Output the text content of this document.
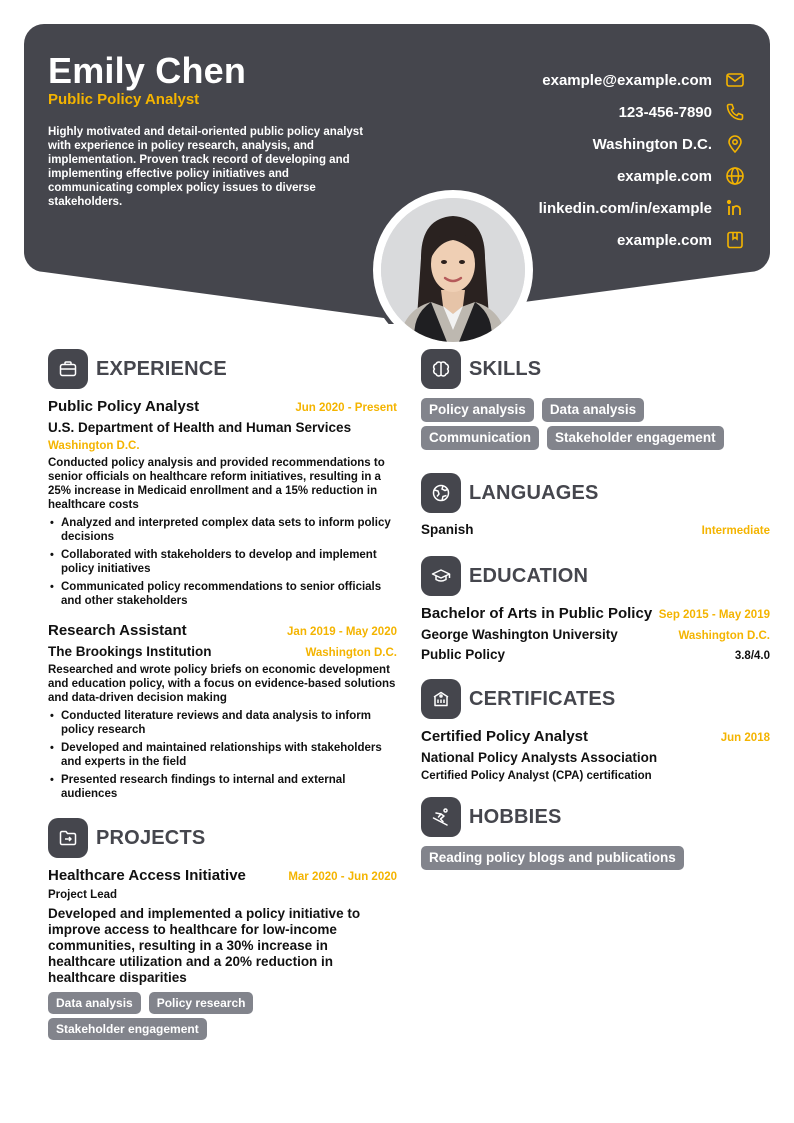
Emily Chen
Public Policy Analyst
Highly motivated and detail-oriented public policy analyst with experience in policy research, analysis, and implementation. Proven track record of developing and implementing effective policy initiatives and communicating complex policy issues to diverse stakeholders.
example@example.com
123-456-7890
Washington D.C.
example.com
linkedin.com/in/example
example.com
EXPERIENCE
Public Policy Analyst	Jun 2020 - Present
U.S. Department of Health and Human Services
Washington D.C.
Conducted policy analysis and provided recommendations to senior officials on healthcare reform initiatives, resulting in a 25% increase in Medicaid enrollment and a 15% reduction in healthcare costs
• Analyzed and interpreted complex data sets to inform policy decisions
• Collaborated with stakeholders to develop and implement policy initiatives
• Communicated policy recommendations to senior officials and other stakeholders
Research Assistant	Jan 2019 - May 2020
The Brookings Institution	Washington D.C.
Researched and wrote policy briefs on economic development and education policy, with a focus on evidence-based solutions and data-driven decision making
• Conducted literature reviews and data analysis to inform policy research
• Developed and maintained relationships with stakeholders and experts in the field
• Presented research findings to internal and external audiences
PROJECTS
Healthcare Access Initiative	Mar 2020 - Jun 2020
Project Lead
Developed and implemented a policy initiative to improve access to healthcare for low-income communities, resulting in a 30% increase in healthcare utilization and a 20% reduction in healthcare disparities
Data analysis	Policy research
Stakeholder engagement
SKILLS
Policy analysis	Data analysis
Communication	Stakeholder engagement
LANGUAGES
Spanish	Intermediate
EDUCATION
Bachelor of Arts in Public Policy Sep 2015 - May 2019
George Washington University	Washington D.C.
Public Policy	3.8/4.0
CERTIFICATES
Certified Policy Analyst	Jun 2018
National Policy Analysts Association
Certified Policy Analyst (CPA) certification
HOBBIES
Reading policy blogs and publications
